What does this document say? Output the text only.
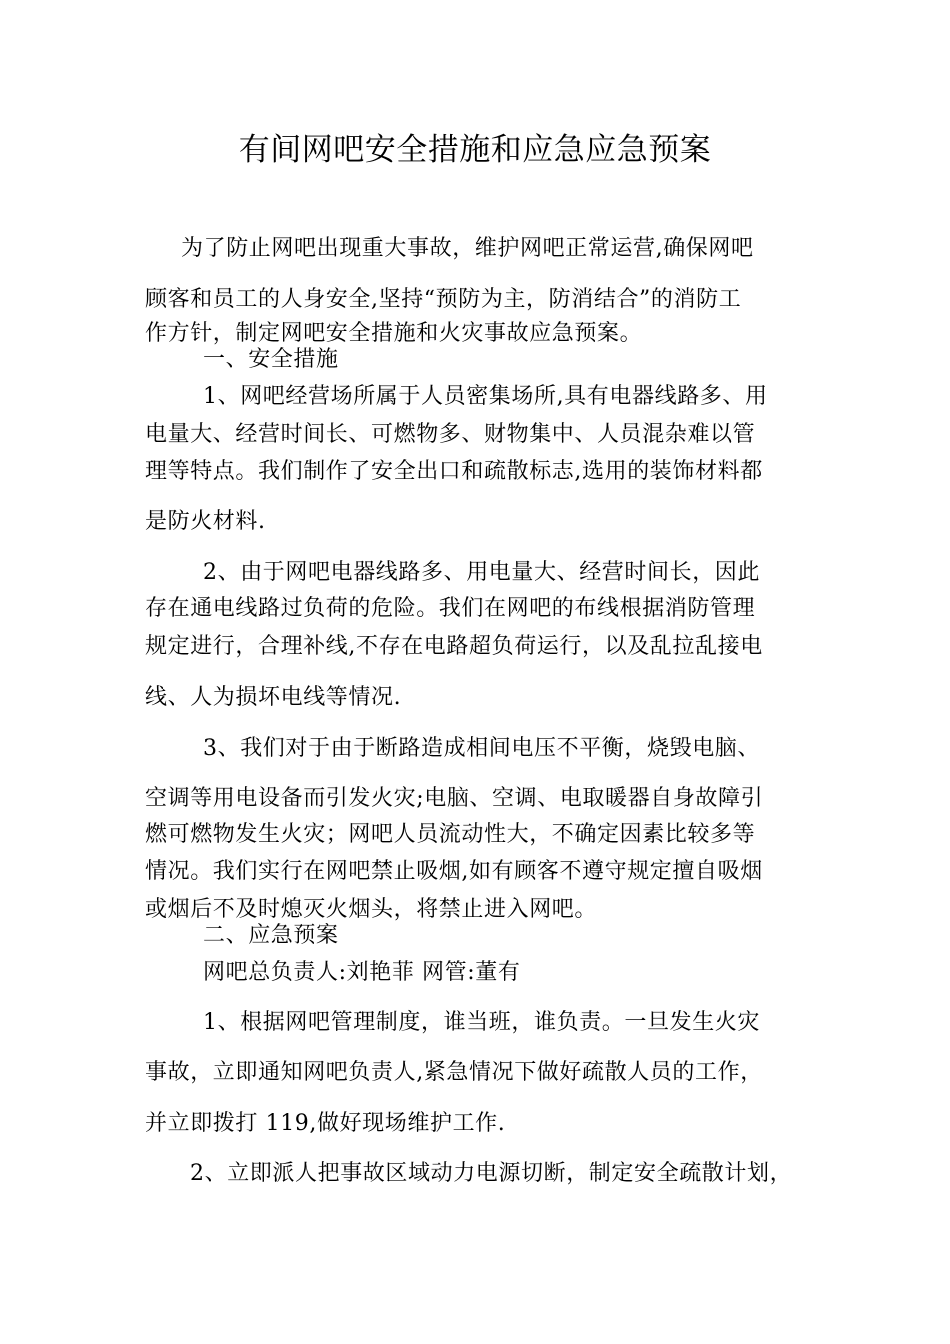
有间网吧安全措施和应急应急预案
为了防止网吧出现重大事故，维护网吧正常运营,确保网吧
顾客和员工的人身安全,坚持“预防为主，防消结合”的消防工
作方针，制定网吧安全措施和火灾事故应急预案。
一、安全措施
1、网吧经营场所属于人员密集场所,具有电器线路多、用
电量大、经营时间长、可燃物多、财物集中、人员混杂难以管
理等特点。我们制作了安全出口和疏散标志,选用的装饰材料都
是防火材料.
2、由于网吧电器线路多、用电量大、经营时间长，因此
存在通电线路过负荷的危险。我们在网吧的布线根据消防管理
规定进行，合理补线,不存在电路超负荷运行，以及乱拉乱接电
线、人为损坏电线等情况.
3、我们对于由于断路造成相间电压不平衡，烧毁电脑、
空调等用电设备而引发火灾;电脑、空调、电取暖器自身故障引
燃可燃物发生火灾；网吧人员流动性大，不确定因素比较多等
情况。我们实行在网吧禁止吸烟,如有顾客不遵守规定擅自吸烟
或烟后不及时熄灭火烟头，将禁止进入网吧。
二、应急预案
网吧总负责人:刘艳菲 网管:董有
1、根据网吧管理制度，谁当班，谁负责。一旦发生火灾
事故，立即通知网吧负责人,紧急情况下做好疏散人员的工作，
并立即拨打 119,做好现场维护工作.
2、立即派人把事故区域动力电源切断，制定安全疏散计划，
